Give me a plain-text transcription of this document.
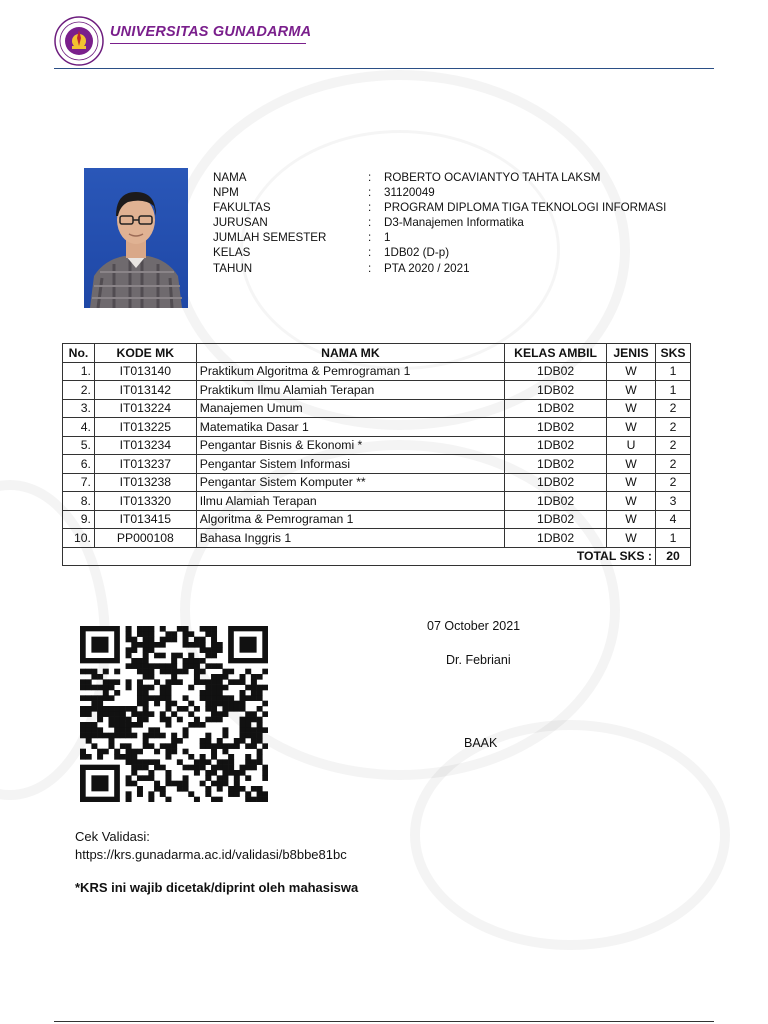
UNIVERSITAS GUNADARMA
NAMA	: ROBERTO OCAVIANTYO TAHTA LAKSM
NPM	: 31120049
FAKULTAS	: PROGRAM DIPLOMA TIGA TEKNOLOGI INFORMASI
JURUSAN	: D3-Manajemen Informatika
JUMLAH SEMESTER	: 1
KELAS	: 1DB02 (D-p)
TAHUN	: PTA 2020 / 2021
No.	KODE MK	NAMA MK	KELAS AMBIL	JENIS	SKS
1.	IT013140	Praktikum Algoritma & Pemrograman 1	1DB02	W	1
2.	IT013142	Praktikum Ilmu Alamiah Terapan	1DB02	W	1
3.	IT013224	Manajemen Umum	1DB02	W	2
4.	IT013225	Matematika Dasar 1	1DB02	W	2
5.	IT013234	Pengantar Bisnis & Ekonomi *	1DB02	U	2
6.	IT013237	Pengantar Sistem Informasi	1DB02	W	2
7.	IT013238	Pengantar Sistem Komputer **	1DB02	W	2
8.	IT013320	Ilmu Alamiah Terapan	1DB02	W	3
9.	IT013415	Algoritma & Pemrograman 1	1DB02	W	4
10.	PP000108	Bahasa Inggris 1	1DB02	W	1
			TOTAL SKS :		20
07 October 2021
Dr. Febriani
BAAK
Cek Validasi:
https://krs.gunadarma.ac.id/validasi/b8bbe81bc
*KRS ini wajib dicetak/diprint oleh mahasiswa
